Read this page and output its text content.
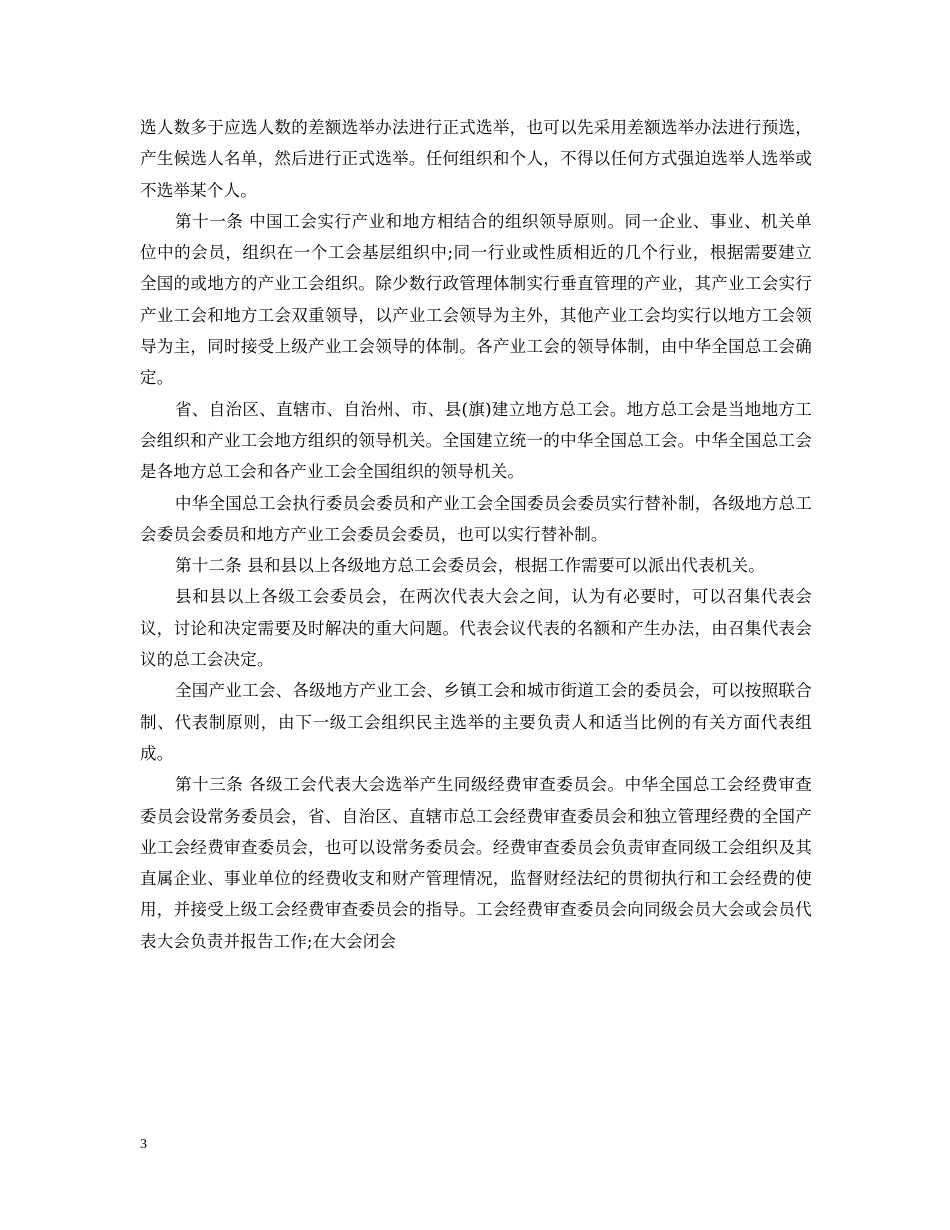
选人数多于应选人数的差额选举办法进行正式选举，也可以先采用差额选举办法进行预选，产生候选人名单，然后进行正式选举。任何组织和个人，不得以任何方式强迫选举人选举或不选举某个人。

第十一条 中国工会实行产业和地方相结合的组织领导原则。同一企业、事业、机关单位中的会员，组织在一个工会基层组织中;同一行业或性质相近的几个行业，根据需要建立全国的或地方的产业工会组织。除少数行政管理体制实行垂直管理的产业，其产业工会实行产业工会和地方工会双重领导，以产业工会领导为主外，其他产业工会均实行以地方工会领导为主，同时接受上级产业工会领导的体制。各产业工会的领导体制，由中华全国总工会确定。

省、自治区、直辖市、自治州、市、县(旗)建立地方总工会。地方总工会是当地地方工会组织和产业工会地方组织的领导机关。全国建立统一的中华全国总工会。中华全国总工会是各地方总工会和各产业工会全国组织的领导机关。

中华全国总工会执行委员会委员和产业工会全国委员会委员实行替补制，各级地方总工会委员会委员和地方产业工会委员会委员，也可以实行替补制。

第十二条 县和县以上各级地方总工会委员会，根据工作需要可以派出代表机关。

县和县以上各级工会委员会，在两次代表大会之间，认为有必要时，可以召集代表会议，讨论和决定需要及时解决的重大问题。代表会议代表的名额和产生办法，由召集代表会议的总工会决定。

全国产业工会、各级地方产业工会、乡镇工会和城市街道工会的委员会，可以按照联合制、代表制原则，由下一级工会组织民主选举的主要负责人和适当比例的有关方面代表组成。

第十三条 各级工会代表大会选举产生同级经费审查委员会。中华全国总工会经费审查委员会设常务委员会，省、自治区、直辖市总工会经费审查委员会和独立管理经费的全国产业工会经费审查委员会，也可以设常务委员会。经费审查委员会负责审查同级工会组织及其直属企业、事业单位的经费收支和财产管理情况，监督财经法纪的贯彻执行和工会经费的使用，并接受上级工会经费审查委员会的指导。工会经费审查委员会向同级会员大会或会员代表大会负责并报告工作;在大会闭会

3
